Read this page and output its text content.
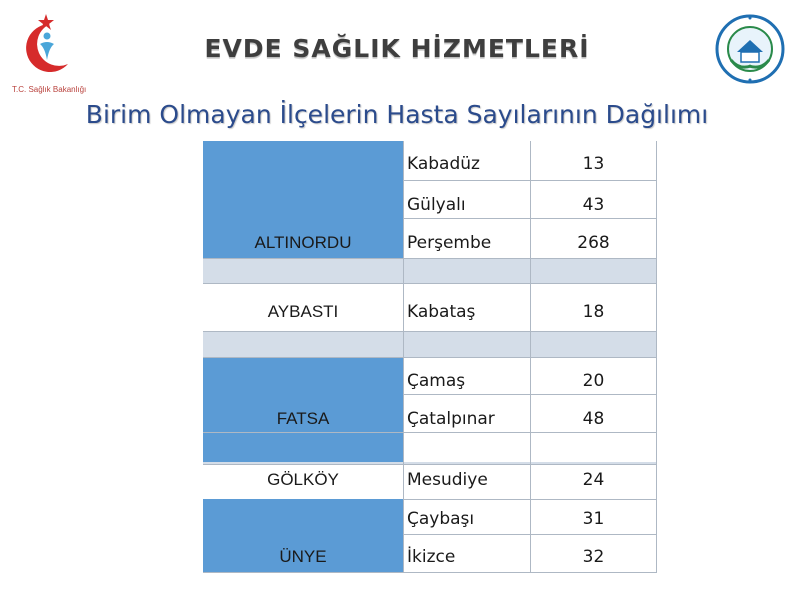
T.C. Sağlık Bakanlığı
EVDE SAĞLIK HİZMETLERİ
Birim Olmayan İlçelerin Hasta Sayılarının Dağılımı
ALTINORDU
AYBASTI
FATSA
GÖLKÖY
ÜNYE
Kabadüz
Gülyalı
Perşembe
Kabataş
Çamaş
Çatalpınar
Mesudiye
Çaybaşı
İkizce
13
43
268
18
20
48
24
31
32
